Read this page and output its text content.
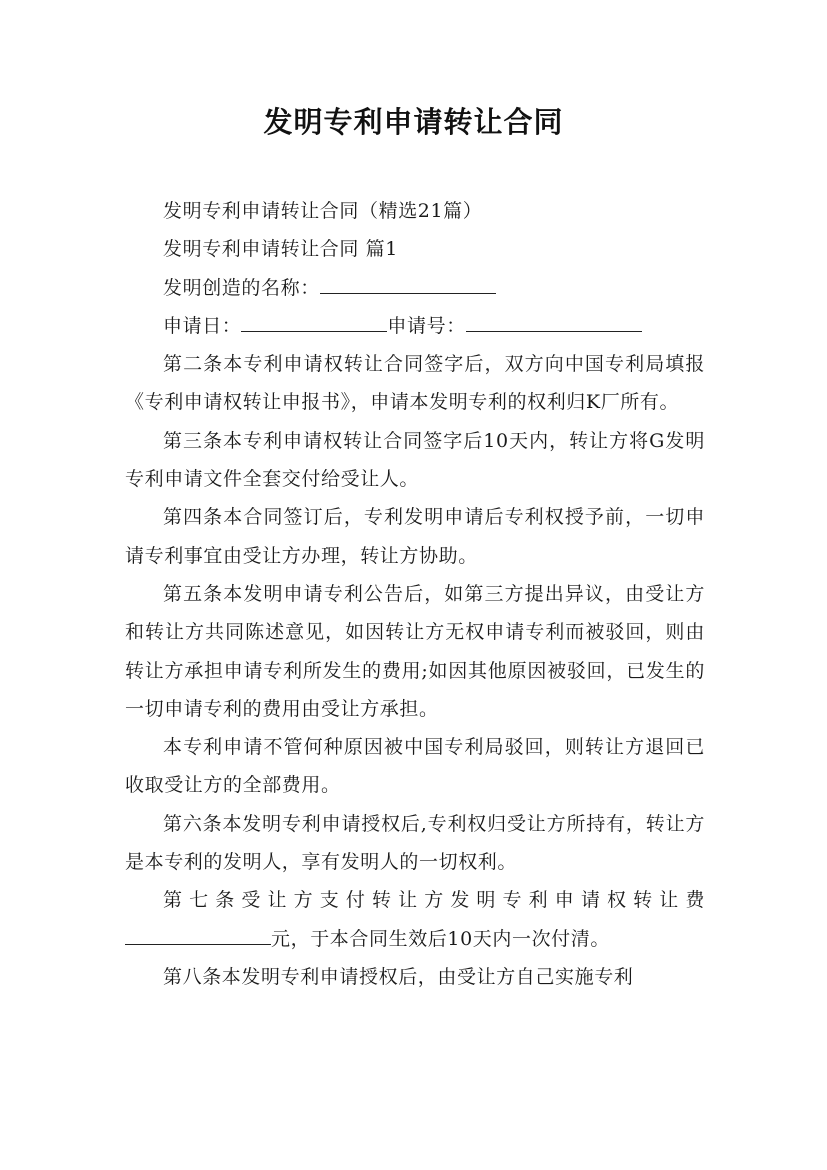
发明专利申请转让合同

发明专利申请转让合同（精选21篇）

发明专利申请转让合同 篇1

发明创造的名称：

申请日：	申请号：

第二条本专利申请权转让合同签字后，双方向中国专利局填报《专利申请权转让申报书》，申请本发明专利的权利归K厂所有。

第三条本专利申请权转让合同签字后10天内，转让方将G发明专利申请文件全套交付给受让人。

第四条本合同签订后，专利发明申请后专利权授予前，一切申请专利事宜由受让方办理，转让方协助。

第五条本发明申请专利公告后，如第三方提出异议，由受让方和转让方共同陈述意见，如因转让方无权申请专利而被驳回，则由转让方承担申请专利所发生的费用;如因其他原因被驳回，已发生的一切申请专利的费用由受让方承担。

本专利申请不管何种原因被中国专利局驳回，则转让方退回已收取受让方的全部费用。

第六条本发明专利申请授权后,专利权归受让方所持有，转让方是本专利的发明人，享有发明人的一切权利。

第七条受让方支付转让方发明专利申请权转让费

元，于本合同生效后10天内一次付清。

第八条本发明专利申请授权后，由受让方自己实施专利
